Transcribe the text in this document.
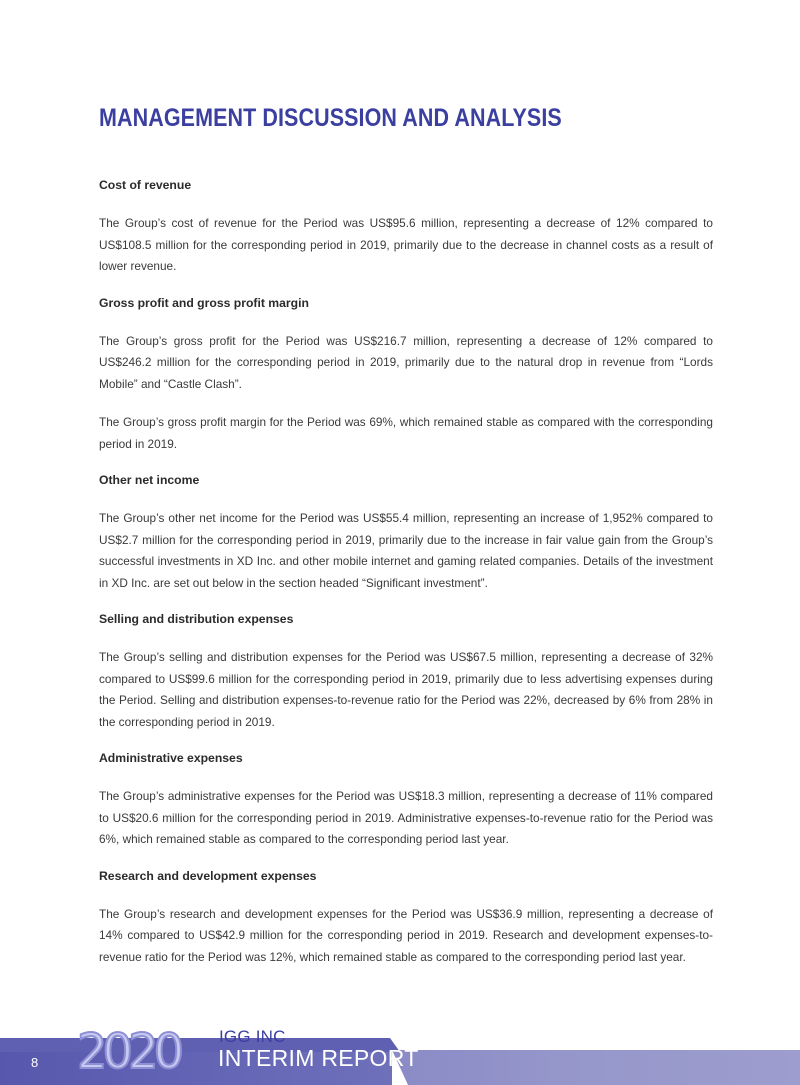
MANAGEMENT DISCUSSION AND ANALYSIS
Cost of revenue

The Group’s cost of revenue for the Period was US$95.6 million, representing a decrease of 12% compared to US$108.5 million for the corresponding period in 2019, primarily due to the decrease in channel costs as a result of lower revenue.

Gross profit and gross profit margin

The Group’s gross profit for the Period was US$216.7 million, representing a decrease of 12% compared to US$246.2 million for the corresponding period in 2019, primarily due to the natural drop in revenue from “Lords Mobile” and “Castle Clash”.

The Group’s gross profit margin for the Period was 69%, which remained stable as compared with the corresponding period in 2019.

Other net income

The Group’s other net income for the Period was US$55.4 million, representing an increase of 1,952% compared to US$2.7 million for the corresponding period in 2019, primarily due to the increase in fair value gain from the Group’s successful investments in XD Inc. and other mobile internet and gaming related companies. Details of the investment in XD Inc. are set out below in the section headed “Significant investment”.

Selling and distribution expenses

The Group’s selling and distribution expenses for the Period was US$67.5 million, representing a decrease of 32% compared to US$99.6 million for the corresponding period in 2019, primarily due to less advertising expenses during the Period. Selling and distribution expenses-to-revenue ratio for the Period was 22%, decreased by 6% from 28% in the corresponding period in 2019.

Administrative expenses

The Group’s administrative expenses for the Period was US$18.3 million, representing a decrease of 11% compared to US$20.6 million for the corresponding period in 2019. Administrative expenses-to-revenue ratio for the Period was 6%, which remained stable as compared to the corresponding period last year.

Research and development expenses

The Group’s research and development expenses for the Period was US$36.9 million, representing a decrease of 14% compared to US$42.9 million for the corresponding period in 2019. Research and development expenses-to-revenue ratio for the Period was 12%, which remained stable as compared to the corresponding period last year.

8 2020 IGG INC
INTERIM REPORT
